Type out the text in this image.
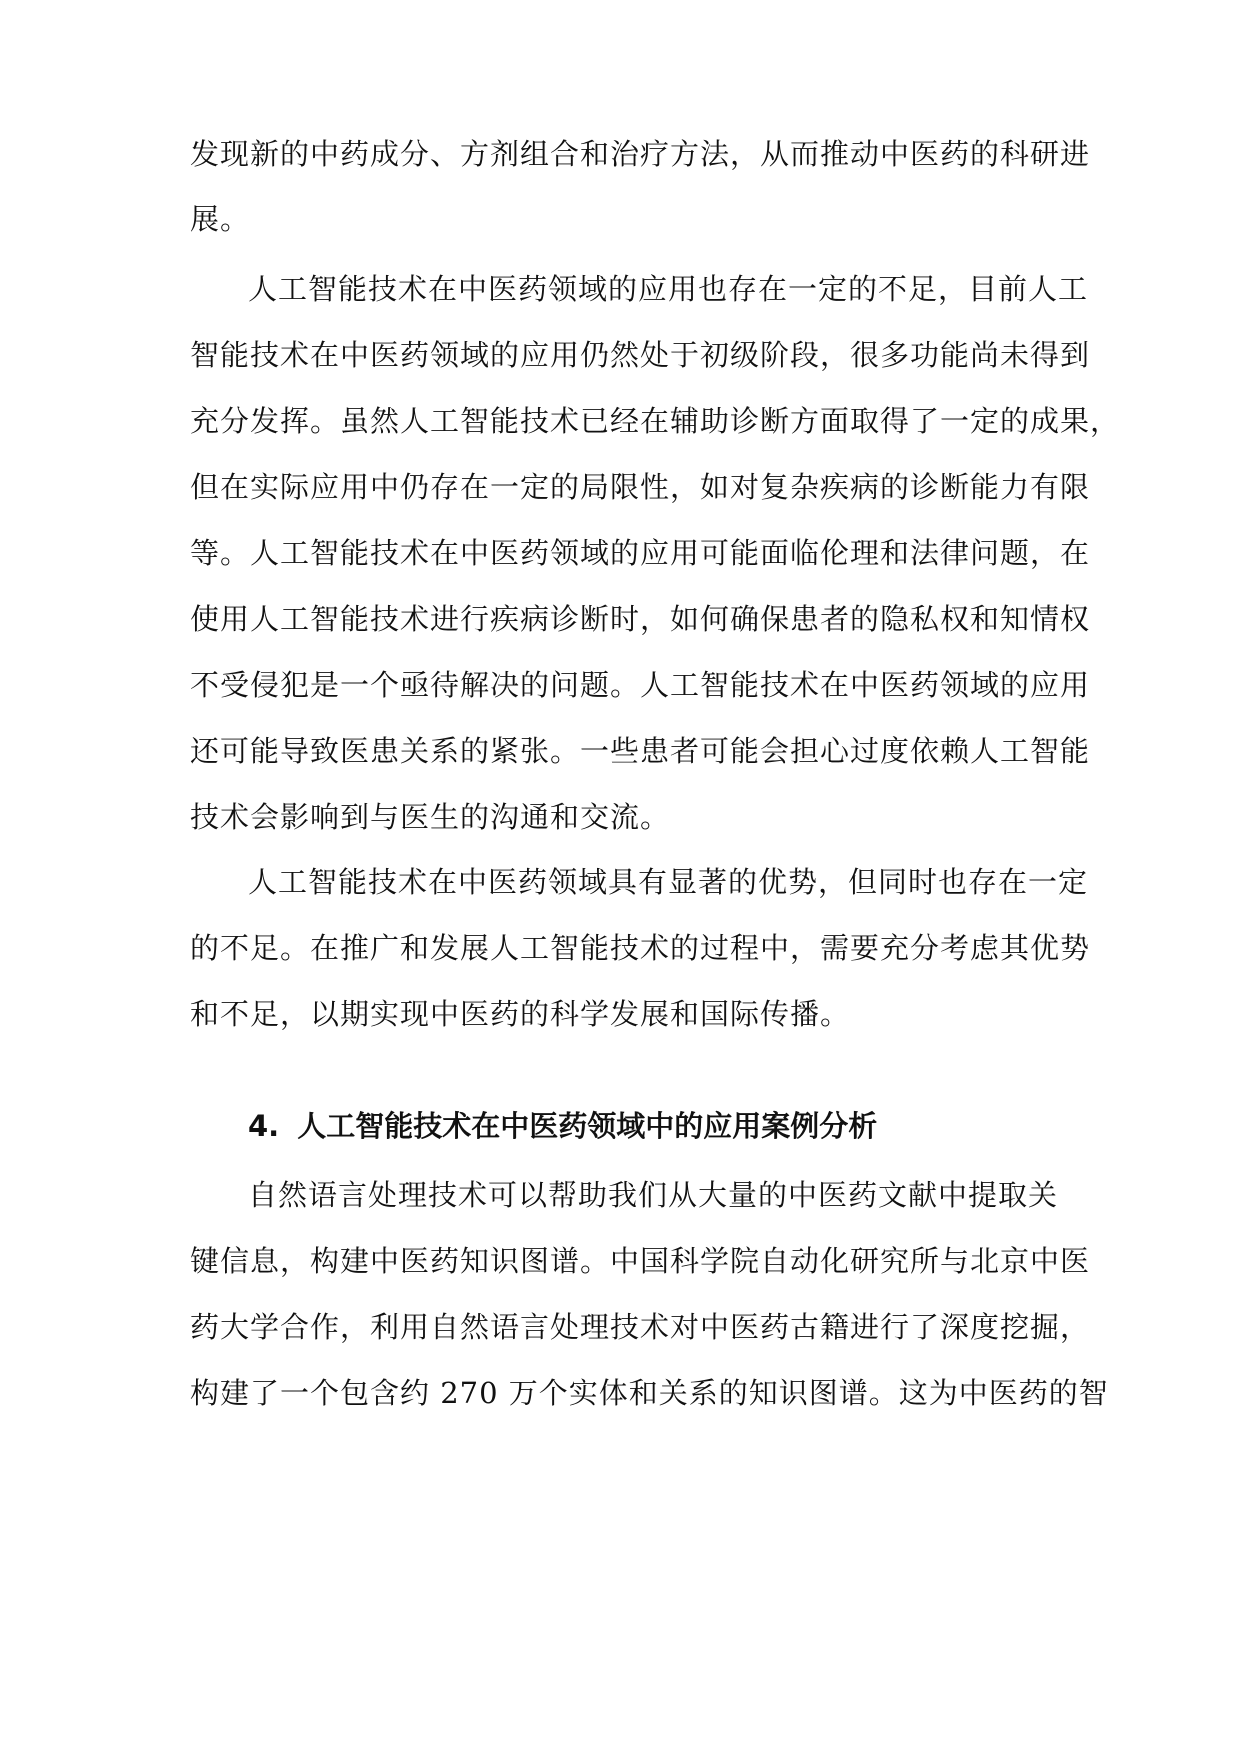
发现新的中药成分、方剂组合和治疗方法，从而推动中医药的科研进
展。
人工智能技术在中医药领域的应用也存在一定的不足，目前人工
智能技术在中医药领域的应用仍然处于初级阶段，很多功能尚未得到
充分发挥。虽然人工智能技术已经在辅助诊断方面取得了一定的成果，
但在实际应用中仍存在一定的局限性，如对复杂疾病的诊断能力有限
等。人工智能技术在中医药领域的应用可能面临伦理和法律问题，在
使用人工智能技术进行疾病诊断时，如何确保患者的隐私权和知情权
不受侵犯是一个亟待解决的问题。人工智能技术在中医药领域的应用
还可能导致医患关系的紧张。一些患者可能会担心过度依赖人工智能
技术会影响到与医生的沟通和交流。
人工智能技术在中医药领域具有显著的优势，但同时也存在一定
的不足。在推广和发展人工智能技术的过程中，需要充分考虑其优势
和不足，以期实现中医药的科学发展和国际传播。
4. 人工智能技术在中医药领域中的应用案例分析
自然语言处理技术可以帮助我们从大量的中医药文献中提取关
键信息，构建中医药知识图谱。中国科学院自动化研究所与北京中医
药大学合作，利用自然语言处理技术对中医药古籍进行了深度挖掘，
构建了一个包含约 270 万个实体和关系的知识图谱。这为中医药的智
